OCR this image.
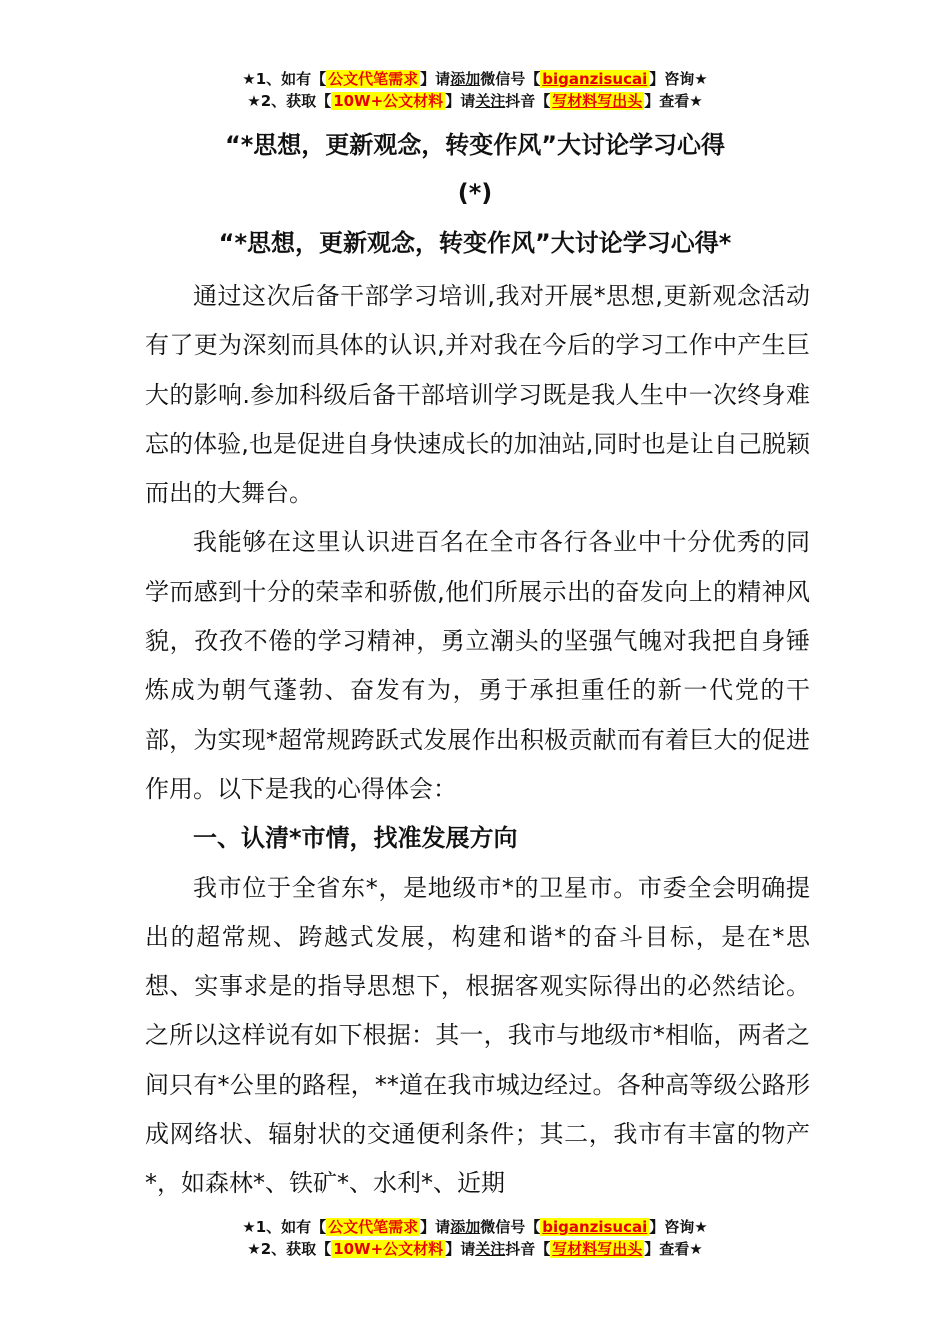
★1、如有【 公文代笔需求 】请添加微信号【 biganzisucai 】咨询★
★2、获取【 10W+公文材料 】请关注抖音【 写材料写出头 】查看★
“*思想，更新观念，转变作风”大讨论学习心得
(*)
“*思想，更新观念，转变作风”大讨论学习心得*

通过这次后备干部学习培训,我对开展*思想,更新观念活动有了更为深刻而具体的认识,并对我在今后的学习工作中产生巨大的影响.参加科级后备干部培训学习既是我人生中一次终身难忘的体验,也是促进自身快速成长的加油站,同时也是让自己脱颖而出的大舞台。

我能够在这里认识进百名在全市各行各业中十分优秀的同学而感到十分的荣幸和骄傲,他们所展示出的奋发向上的精神风貌，孜孜不倦的学习精神，勇立潮头的坚强气魄对我把自身锤炼成为朝气蓬勃、奋发有为，勇于承担重任的新一代党的干部，为实现*超常规跨跃式发展作出积极贡献而有着巨大的促进作用。以下是我的心得体会：

一、认清*市情，找准发展方向

我市位于全省东*，是地级市*的卫星市。市委全会明确提出的超常规、跨越式发展，构建和谐*的奋斗目标，是在*思想、实事求是的指导思想下，根据客观实际得出的必然结论。之所以这样说有如下根据：其一，我市与地级市*相临，两者之间只有*公里的路程，**道在我市城边经过。各种高等级公路形成网络状、辐射状的交通便利条件；其二，我市有丰富的物产*，如森林*、铁矿*、水利*、近期

★1、如有【 公文代笔需求 】请添加微信号【 biganzisucai 】咨询★
★2、获取【 10W+公文材料 】请关注抖音【 写材料写出头 】查看★
